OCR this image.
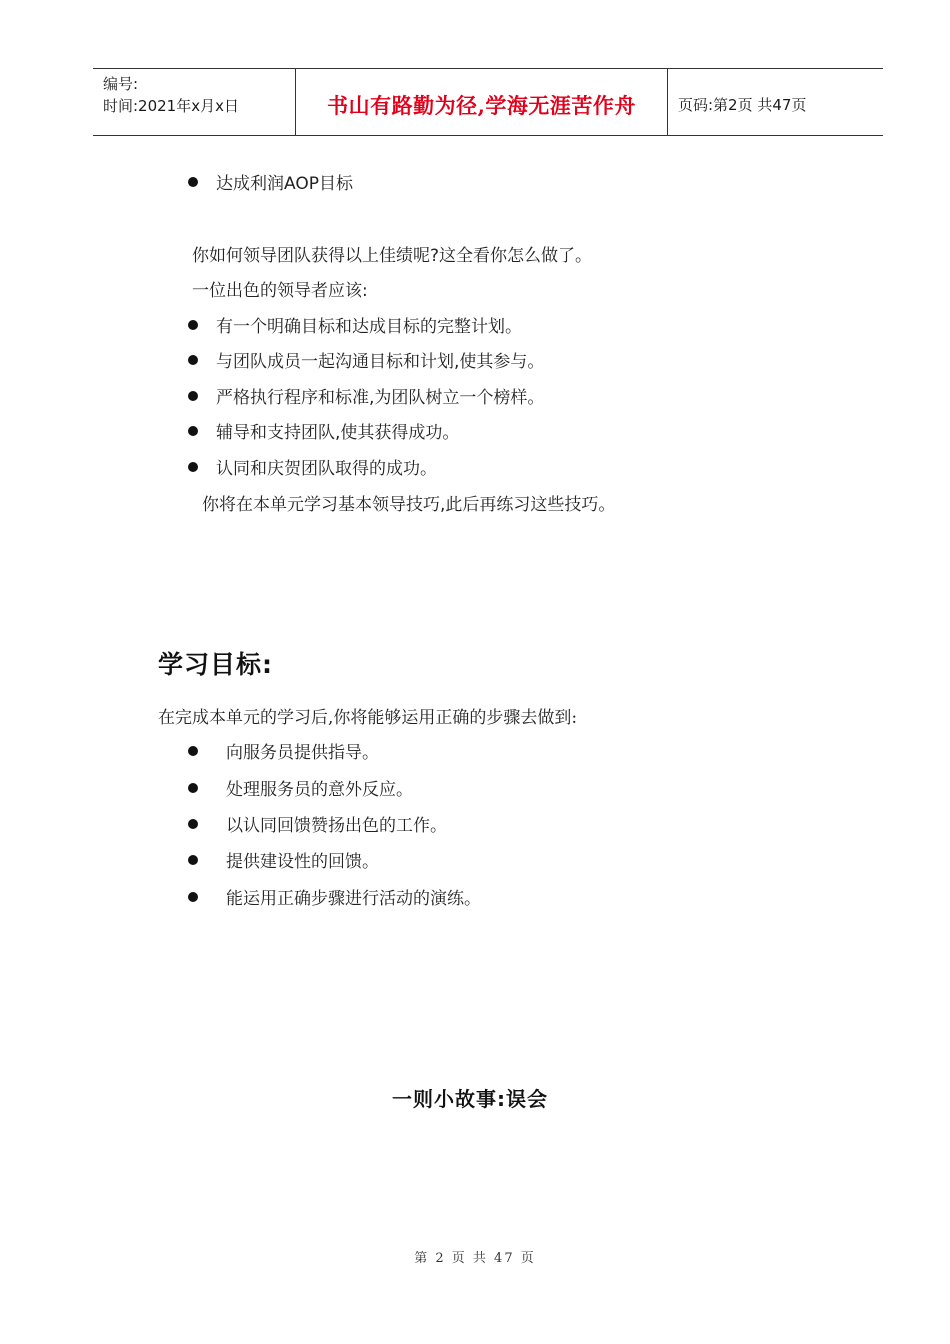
编号:
时间:2021年x月x日	书山有路勤为径,学海无涯苦作舟	页码:第2页 共47页
达成利润AOP目标
你如何领导团队获得以上佳绩呢?这全看你怎么做了。
一位出色的领导者应该:
有一个明确目标和达成目标的完整计划。
与团队成员一起沟通目标和计划,使其参与。
严格执行程序和标准,为团队树立一个榜样。
辅导和支持团队,使其获得成功。
认同和庆贺团队取得的成功。
你将在本单元学习基本领导技巧,此后再练习这些技巧。
学习目标:
在完成本单元的学习后,你将能够运用正确的步骤去做到:
向服务员提供指导。
处理服务员的意外反应。
以认同回馈赞扬出色的工作。
提供建设性的回馈。
能运用正确步骤进行活动的演练。
一则小故事:误会
第 2 页 共 47 页
